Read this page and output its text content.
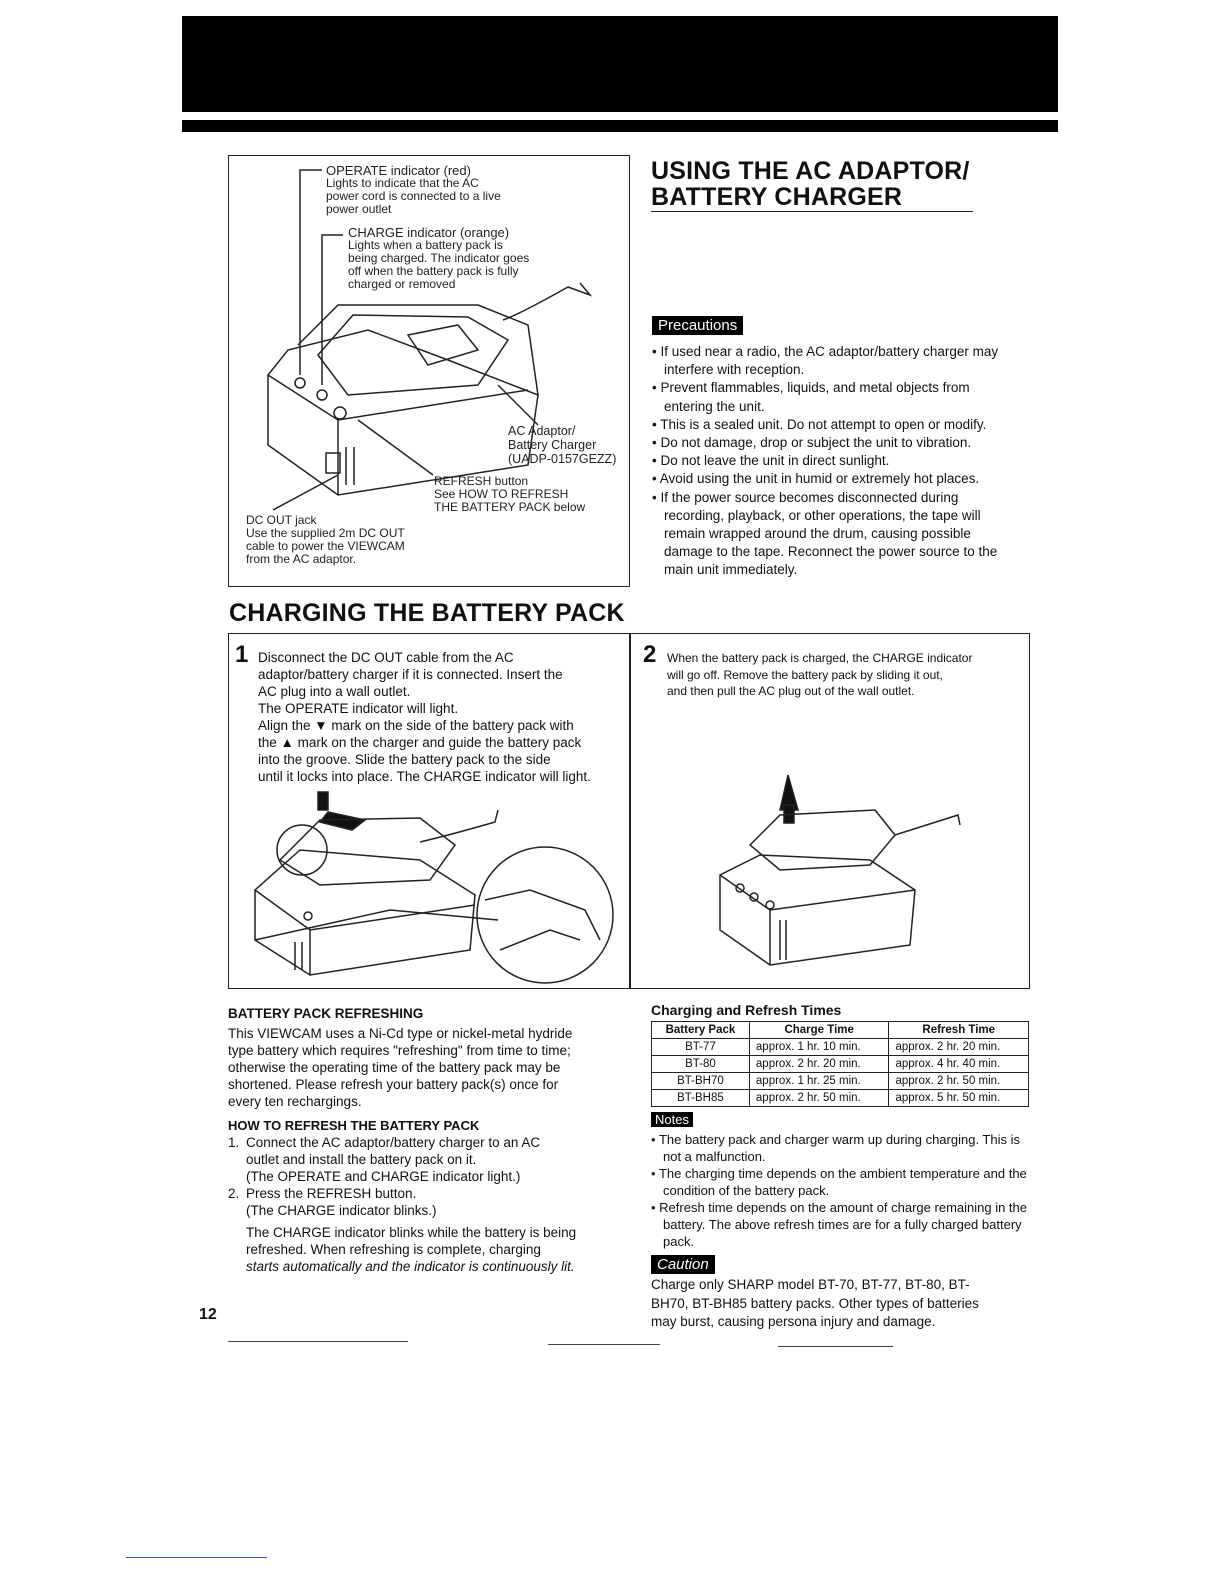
OPERATE indicator (red)
Lights to indicate that the AC
power cord is connected to a live
power outlet
CHARGE indicator (orange)
Lights when a battery pack is
being charged. The indicator goes
off when the battery pack is fully
charged or removed
AC Adaptor/
Battery Charger
(UADP-0157GEZZ)
REFRESH button
See HOW TO REFRESH
THE BATTERY PACK below
DC OUT jack
Use the supplied 2m DC OUT
cable to power the VIEWCAM
from the AC adaptor.
USING THE AC ADAPTOR/
BATTERY CHARGER
Precautions
• If used near a radio, the AC adaptor/battery charger may interfere with reception.
• Prevent flammables, liquids, and metal objects from entering the unit.
• This is a sealed unit. Do not attempt to open or modify.
• Do not damage, drop or subject the unit to vibration.
• Do not leave the unit in direct sunlight.
• Avoid using the unit in humid or extremely hot places.
• If the power source becomes disconnected during recording, playback, or other operations, the tape will remain wrapped around the drum, causing possible damage to the tape. Reconnect the power source to the main unit immediately.
CHARGING THE BATTERY PACK
1 Disconnect the DC OUT cable from the AC
adaptor/battery charger if it is connected. Insert the
AC plug into a wall outlet.
The OPERATE indicator will light.
Align the ▼ mark on the side of the battery pack with
the ▲ mark on the charger and guide the battery pack
into the groove. Slide the battery pack to the side
until it locks into place. The CHARGE indicator will light.
2 When the battery pack is charged, the CHARGE indicator
will go off. Remove the battery pack by sliding it out,
and then pull the AC plug out of the wall outlet.
BATTERY PACK REFRESHING
This VIEWCAM uses a Ni-Cd type or nickel-metal hydride
type battery which requires "refreshing" from time to time;
otherwise the operating time of the battery pack may be
shortened. Please refresh your battery pack(s) once for
every ten rechargings.
HOW TO REFRESH THE BATTERY PACK
1. Connect the AC adaptor/battery charger to an AC
outlet and install the battery pack on it.
(The OPERATE and CHARGE indicator light.)
2. Press the REFRESH button.
(The CHARGE indicator blinks.)
The CHARGE indicator blinks while the battery is being
refreshed. When refreshing is complete, charging
starts automatically and the indicator is continuously lit.
Charging and Refresh Times
Battery Pack	Charge Time	Refresh Time
BT-77	approx. 1 hr. 10 min.	approx. 2 hr. 20 min.
BT-80	approx. 2 hr. 20 min.	approx. 4 hr. 40 min.
BT-BH70	approx. 1 hr. 25 min.	approx. 2 hr. 50 min.
BT-BH85	approx. 2 hr. 50 min.	approx. 5 hr. 50 min.
Notes
• The battery pack and charger warm up during charging. This is not a malfunction.
• The charging time depends on the ambient temperature and the condition of the battery pack.
• Refresh time depends on the amount of charge remaining in the battery. The above refresh times are for a fully charged battery pack.
Caution
Charge only SHARP model BT-70, BT-77, BT-80, BT-
BH70, BT-BH85 battery packs. Other types of batteries
may burst, causing persona injury and damage.
12
